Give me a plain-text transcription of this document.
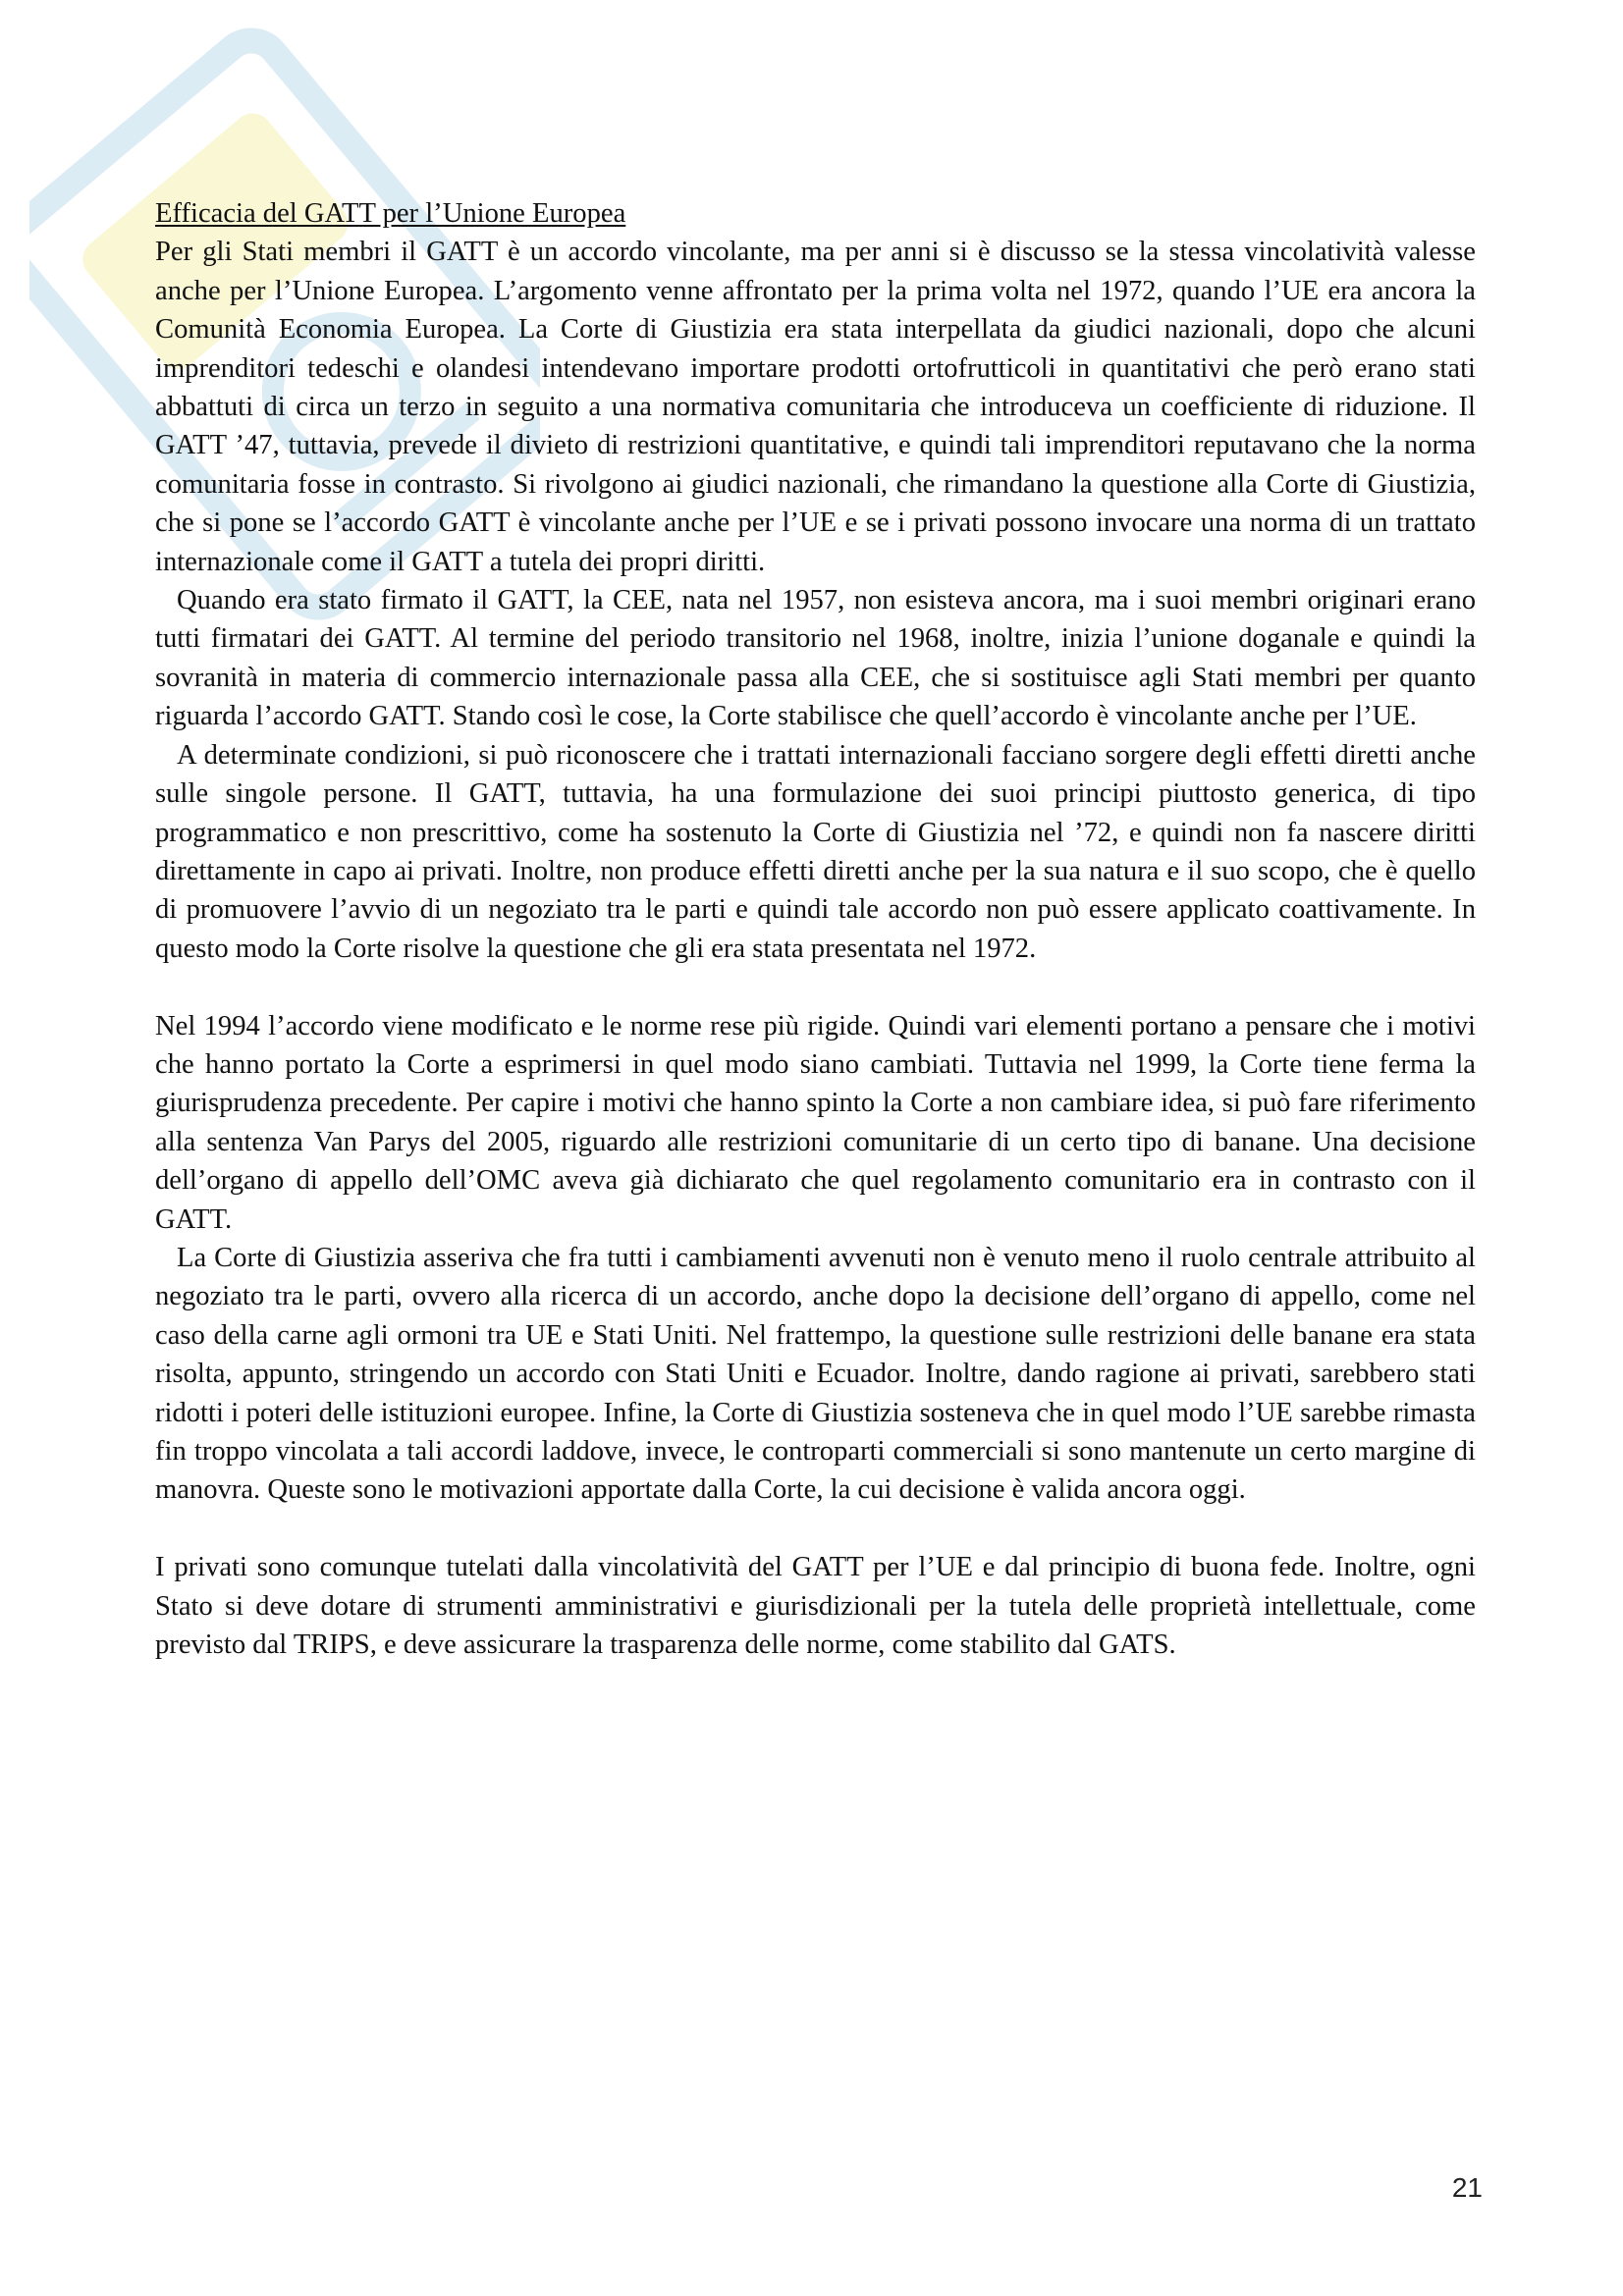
Efficacia del GATT per l’Unione Europea

Per gli Stati membri il GATT è un accordo vincolante, ma per anni si è discusso se la stessa vincolatività valesse anche per l’Unione Europea. L’argomento venne affrontato per la prima volta nel 1972, quando l’UE era ancora la Comunità Economia Europea. La Corte di Giustizia era stata interpellata da giudici nazionali, dopo che alcuni imprenditori tedeschi e olandesi intendevano importare prodotti ortofrutticoli in quantitativi che però erano stati abbattuti di circa un terzo in seguito a una normativa comunitaria che introduceva un coefficiente di riduzione. Il GATT ’47, tuttavia, prevede il divieto di restrizioni quantitative, e quindi tali imprenditori reputavano che la norma comunitaria fosse in contrasto. Si rivolgono ai giudici nazionali, che rimandano la questione alla Corte di Giustizia, che si pone se l’accordo GATT è vincolante anche per l’UE e se i privati possono invocare una norma di un trattato internazionale come il GATT a tutela dei propri diritti.

Quando era stato firmato il GATT, la CEE, nata nel 1957, non esisteva ancora, ma i suoi membri originari erano tutti firmatari dei GATT. Al termine del periodo transitorio nel 1968, inoltre, inizia l’unione doganale e quindi la sovranità in materia di commercio internazionale passa alla CEE, che si sostituisce agli Stati membri per quanto riguarda l’accordo GATT. Stando così le cose, la Corte stabilisce che quell’accordo è vincolante anche per l’UE.

A determinate condizioni, si può riconoscere che i trattati internazionali facciano sorgere degli effetti diretti anche sulle singole persone. Il GATT, tuttavia, ha una formulazione dei suoi principi piuttosto generica, di tipo programmatico e non prescrittivo, come ha sostenuto la Corte di Giustizia nel ’72, e quindi non fa nascere diritti direttamente in capo ai privati. Inoltre, non produce effetti diretti anche per la sua natura e il suo scopo, che è quello di promuovere l’avvio di un negoziato tra le parti e quindi tale accordo non può essere applicato coattivamente. In questo modo la Corte risolve la questione che gli era stata presentata nel 1972.

Nel 1994 l’accordo viene modificato e le norme rese più rigide. Quindi vari elementi portano a pensare che i motivi che hanno portato la Corte a esprimersi in quel modo siano cambiati. Tuttavia nel 1999, la Corte tiene ferma la giurisprudenza precedente. Per capire i motivi che hanno spinto la Corte a non cambiare idea, si può fare riferimento alla sentenza Van Parys del 2005, riguardo alle restrizioni comunitarie di un certo tipo di banane. Una decisione dell’organo di appello dell’OMC aveva già dichiarato che quel regolamento comunitario era in contrasto con il GATT.

La Corte di Giustizia asseriva che fra tutti i cambiamenti avvenuti non è venuto meno il ruolo centrale attribuito al negoziato tra le parti, ovvero alla ricerca di un accordo, anche dopo la decisione dell’organo di appello, come nel caso della carne agli ormoni tra UE e Stati Uniti. Nel frattempo, la questione sulle restrizioni delle banane era stata risolta, appunto, stringendo un accordo con Stati Uniti e Ecuador. Inoltre, dando ragione ai privati, sarebbero stati ridotti i poteri delle istituzioni europee. Infine, la Corte di Giustizia sosteneva che in quel modo l’UE sarebbe rimasta fin troppo vincolata a tali accordi laddove, invece, le controparti commerciali si sono mantenute un certo margine di manovra. Queste sono le motivazioni apportate dalla Corte, la cui decisione è valida ancora oggi.

I privati sono comunque tutelati dalla vincolatività del GATT per l’UE e dal principio di buona fede. Inoltre, ogni Stato si deve dotare di strumenti amministrativi e giurisdizionali per la tutela delle proprietà intellettuale, come previsto dal TRIPS, e deve assicurare la trasparenza delle norme, come stabilito dal GATS.

21
